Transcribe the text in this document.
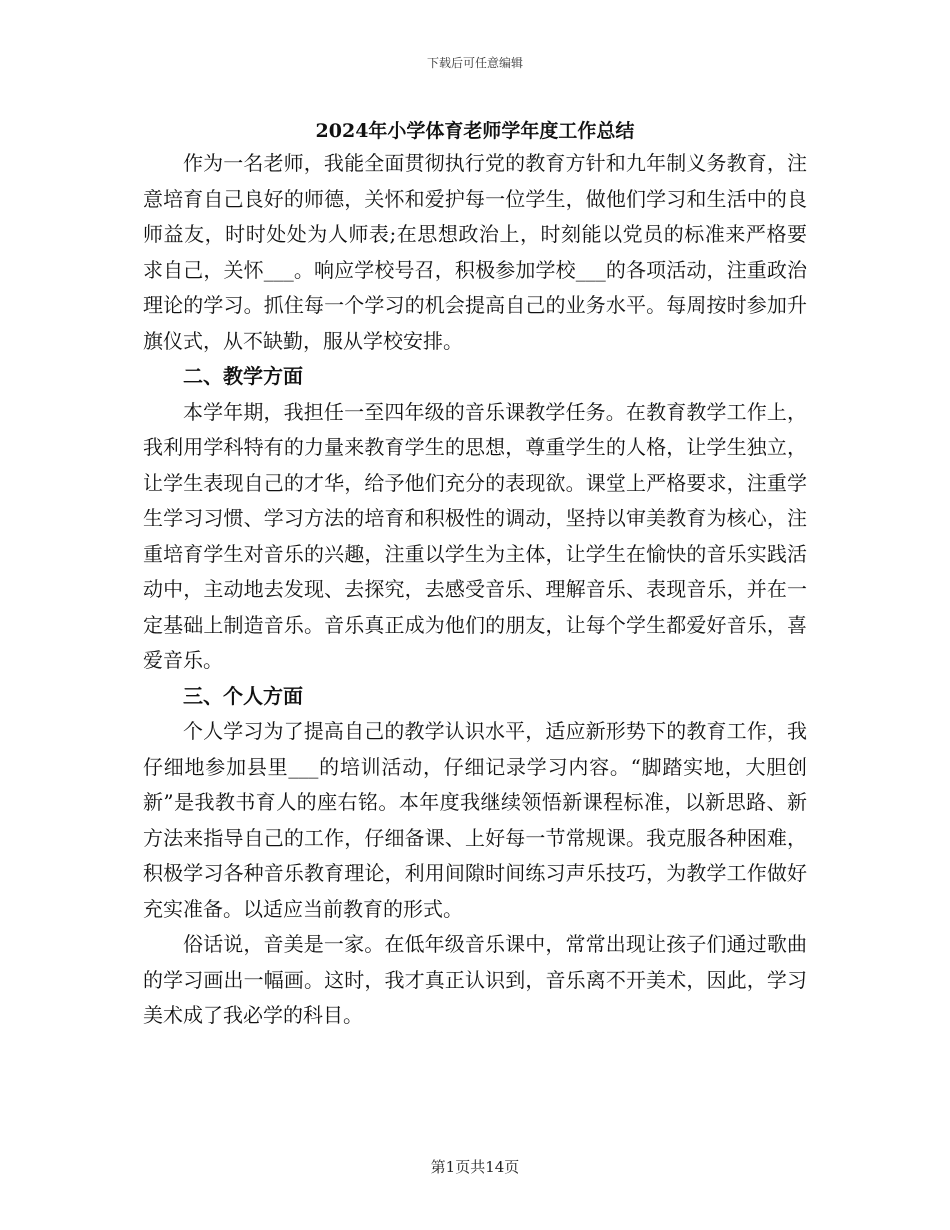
下载后可任意编辑
2024年小学体育老师学年度工作总结

作为一名老师，我能全面贯彻执行党的教育方针和九年制义务教育，注意培育自己良好的师德，关怀和爱护每一位学生，做他们学习和生活中的良师益友，时时处处为人师表;在思想政治上，时刻能以党员的标准来严格要求自己，关怀___。响应学校号召，积极参加学校___的各项活动，注重政治理论的学习。抓住每一个学习的机会提高自己的业务水平。每周按时参加升旗仪式，从不缺勤，服从学校安排。

二、教学方面

本学年期，我担任一至四年级的音乐课教学任务。在教育教学工作上，我利用学科特有的力量来教育学生的思想，尊重学生的人格，让学生独立，让学生表现自己的才华，给予他们充分的表现欲。课堂上严格要求，注重学生学习习惯、学习方法的培育和积极性的调动，坚持以审美教育为核心，注重培育学生对音乐的兴趣，注重以学生为主体，让学生在愉快的音乐实践活动中，主动地去发现、去探究，去感受音乐、理解音乐、表现音乐，并在一定基础上制造音乐。音乐真正成为他们的朋友，让每个学生都爱好音乐，喜爱音乐。

三、个人方面

个人学习为了提高自己的教学认识水平，适应新形势下的教育工作，我仔细地参加县里___的培训活动，仔细记录学习内容。“脚踏实地，大胆创新”是我教书育人的座右铭。本年度我继续领悟新课程标准，以新思路、新方法来指导自己的工作，仔细备课、上好每一节常规课。我克服各种困难，积极学习各种音乐教育理论，利用间隙时间练习声乐技巧，为教学工作做好充实准备。以适应当前教育的形式。

俗话说，音美是一家。在低年级音乐课中，常常出现让孩子们通过歌曲的学习画出一幅画。这时，我才真正认识到，音乐离不开美术，因此，学习美术成了我必学的科目。

第1页共14页
